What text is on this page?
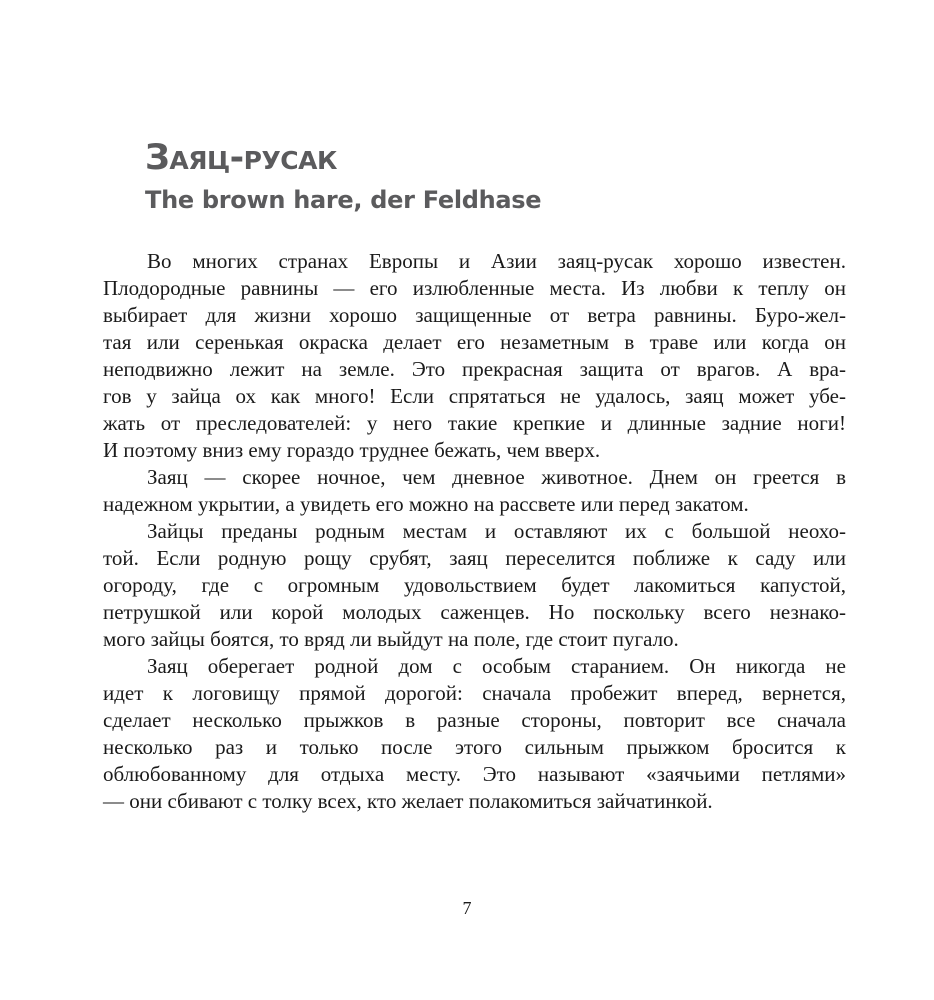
Заяц-русак
The brown hare, der Feldhase
Во многих странах Европы и Азии заяц-русак хорошо известен.
Плодородные равнины — его излюбленные места. Из любви к теплу он
выбирает для жизни хорошо защищенные от ветра равнины. Буро-жел-
тая или серенькая окраска делает его незаметным в траве или когда он
неподвижно лежит на земле. Это прекрасная защита от врагов. А вра-
гов у зайца ох как много! Если спрятаться не удалось, заяц может убе-
жать от преследователей: у него такие крепкие и длинные задние ноги!
И поэтому вниз ему гораздо труднее бежать, чем вверх.
Заяц — скорее ночное, чем дневное животное. Днем он греется в
надежном укрытии, а увидеть его можно на рассвете или перед закатом.
Зайцы преданы родным местам и оставляют их с большой неохо-
той. Если родную рощу срубят, заяц переселится поближе к саду или
огороду, где с огромным удовольствием будет лакомиться капустой,
петрушкой или корой молодых саженцев. Но поскольку всего незнако-
мого зайцы боятся, то вряд ли выйдут на поле, где стоит пугало.
Заяц оберегает родной дом с особым старанием. Он никогда не
идет к логовищу прямой дорогой: сначала пробежит вперед, вернется,
сделает несколько прыжков в разные стороны, повторит все сначала
несколько раз и только после этого сильным прыжком бросится к
облюбованному для отдыха месту. Это называют «заячьими петлями»
— они сбивают с толку всех, кто желает полакомиться зайчатинкой.
7
